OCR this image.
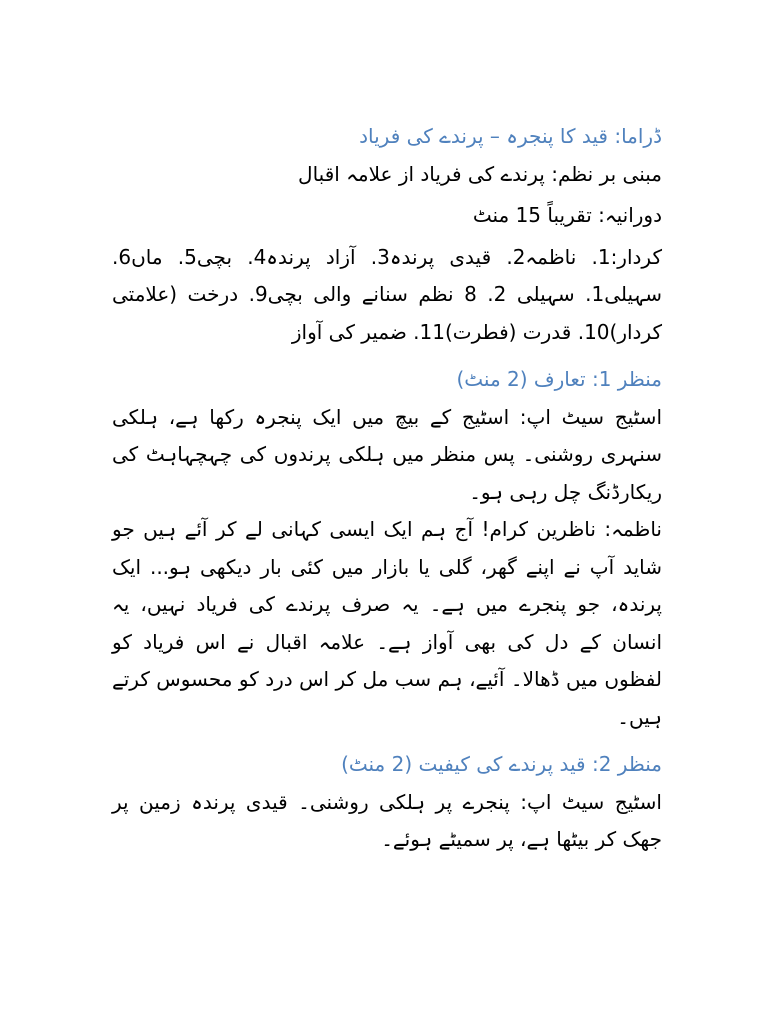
ڈراما: قید کا پنجرہ – پرندے کی فریاد

مبنی بر نظم: پرندے کی فریاد از علامہ اقبال

دورانیہ: تقریباً 15 منٹ

کردار:1. ناظمہ2. قیدی پرندہ3. آزاد پرندہ4. بچی5. ماں6. سہیلی1. سہیلی 2. 8 نظم سنانے والی بچی9. درخت (علامتی کردار)10. قدرت (فطرت)11. ضمیر کی آواز

منظر 1: تعارف (2 منٹ)

اسٹیج سیٹ اپ: اسٹیج کے بیچ میں ایک پنجرہ رکھا ہے، ہلکی سنہری روشنی۔ پس منظر میں ہلکی پرندوں کی چہچہاہٹ کی ریکارڈنگ چل رہی ہو۔

ناظمہ: ناظرین کرام! آج ہم ایک ایسی کہانی لے کر آئے ہیں جو شاید آپ نے اپنے گھر، گلی یا بازار میں کئی بار دیکھی ہو... ایک پرندہ، جو پنجرے میں ہے۔ یہ صرف پرندے کی فریاد نہیں، یہ انسان کے دل کی بھی آواز ہے۔ علامہ اقبال نے اس فریاد کو لفظوں میں ڈھالا۔ آئیے، ہم سب مل کر اس درد کو محسوس کرتے ہیں۔

منظر 2: قید پرندے کی کیفیت (2 منٹ)

اسٹیج سیٹ اپ: پنجرے پر ہلکی روشنی۔ قیدی پرندہ زمین پر جھک کر بیٹھا ہے، پر سمیٹے ہوئے۔
